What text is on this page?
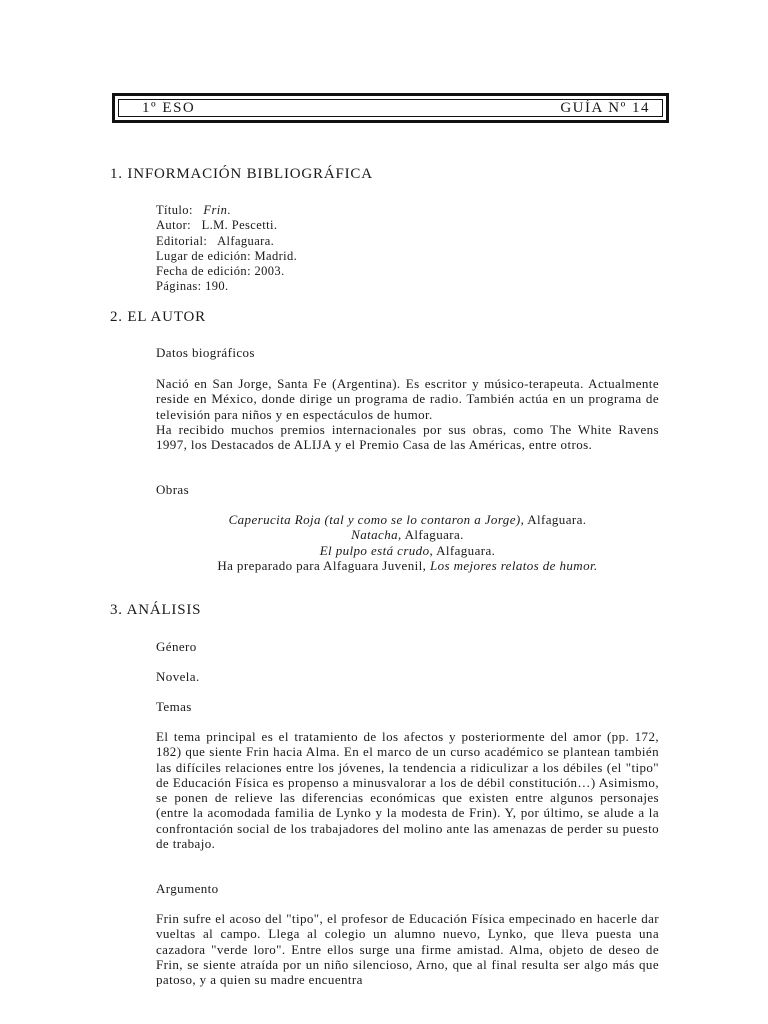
1º ESO	GUÍA Nº 14
1. INFORMACIÓN BIBLIOGRÁFICA

Título: Frin.

Autor:   L.M. Pescetti.

Editorial:   Alfaguara.

Lugar de edición: Madrid.

Fecha de edición: 2003.

Páginas: 190.

2. EL AUTOR
Datos biográficos

Nació en San Jorge, Santa Fe (Argentina). Es escritor y músico-terapeuta. Actualmente reside en México, donde dirige un programa de radio. También actúa en un programa de televisión para niños y en espectáculos de humor.

Ha recibido muchos premios internacionales por sus obras, como The White Ravens 1997, los Destacados de ALIJA y el Premio Casa de las Américas, entre otros.

Obras

Caperucita Roja (tal y como se lo contaron a Jorge), Alfaguara.

Natacha, Alfaguara.

El pulpo está crudo, Alfaguara.

Ha preparado para Alfaguara Juvenil, Los mejores relatos de humor.

3. ANÁLISIS
Género
Novela.
Temas
El tema principal es el tratamiento de los afectos y posteriormente del amor (pp. 172, 182) que siente Frin hacia Alma. En el marco de un curso académico se plantean también las difíciles relaciones entre los jóvenes, la tendencia a ridiculizar a los débiles (el "tipo" de Educación Física es propenso a minusvalorar a los de débil constitución…) Asimismo, se ponen de relieve las diferencias económicas que existen entre algunos personajes (entre la acomodada familia de Lynko y la modesta de Frin). Y, por último, se alude a la confrontación social de los trabajadores del molino ante las amenazas de perder su puesto de trabajo.
Argumento
Frin sufre el acoso del "tipo", el profesor de Educación Física empecinado en hacerle dar vueltas al campo. Llega al colegio un alumno nuevo, Lynko, que lleva puesta una cazadora "verde loro". Entre ellos surge una firme amistad. Alma, objeto de deseo de Frin, se siente atraída por un niño silencioso, Arno, que al final resulta ser algo más que patoso, y a quien su madre encuentra
